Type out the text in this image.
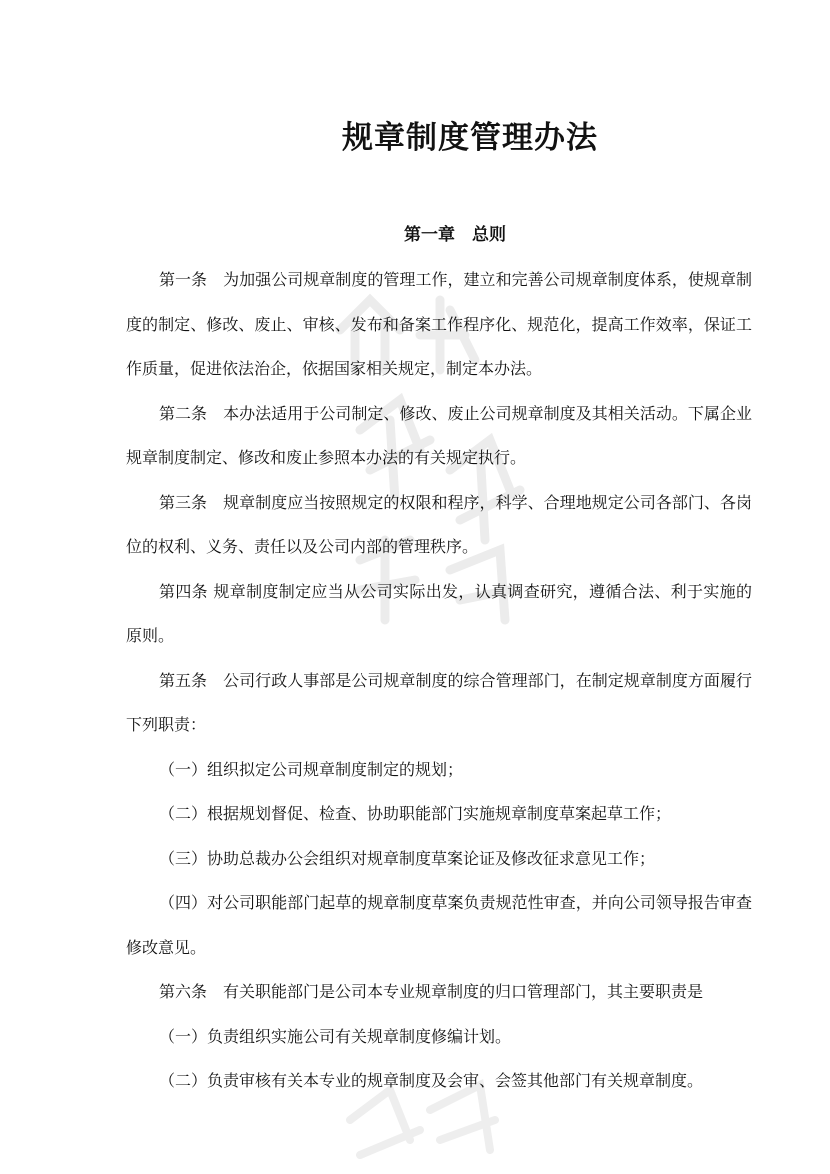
规章制度管理办法
第一章　总则

第一条　为加强公司规章制度的管理工作，建立和完善公司规章制度体系，使规章制度的制定、修改、废止、审核、发布和备案工作程序化、规范化，提高工作效率，保证工作质量，促进依法治企，依据国家相关规定，制定本办法。

第二条　本办法适用于公司制定、修改、废止公司规章制度及其相关活动。下属企业规章制度制定、修改和废止参照本办法的有关规定执行。

第三条　规章制度应当按照规定的权限和程序，科学、合理地规定公司各部门、各岗位的权利、义务、责任以及公司内部的管理秩序。

第四条 规章制度制定应当从公司实际出发，认真调查研究，遵循合法、利于实施的原则。

第五条　公司行政人事部是公司规章制度的综合管理部门，在制定规章制度方面履行下列职责：

（一）组织拟定公司规章制度制定的规划；

（二）根据规划督促、检查、协助职能部门实施规章制度草案起草工作；

（三）协助总裁办公会组织对规章制度草案论证及修改征求意见工作；

（四）对公司职能部门起草的规章制度草案负责规范性审查，并向公司领导报告审查修改意见。

第六条　有关职能部门是公司本专业规章制度的归口管理部门，其主要职责是

（一）负责组织实施公司有关规章制度修编计划。

（二）负责审核有关本专业的规章制度及会审、会签其他部门有关规章制度。
